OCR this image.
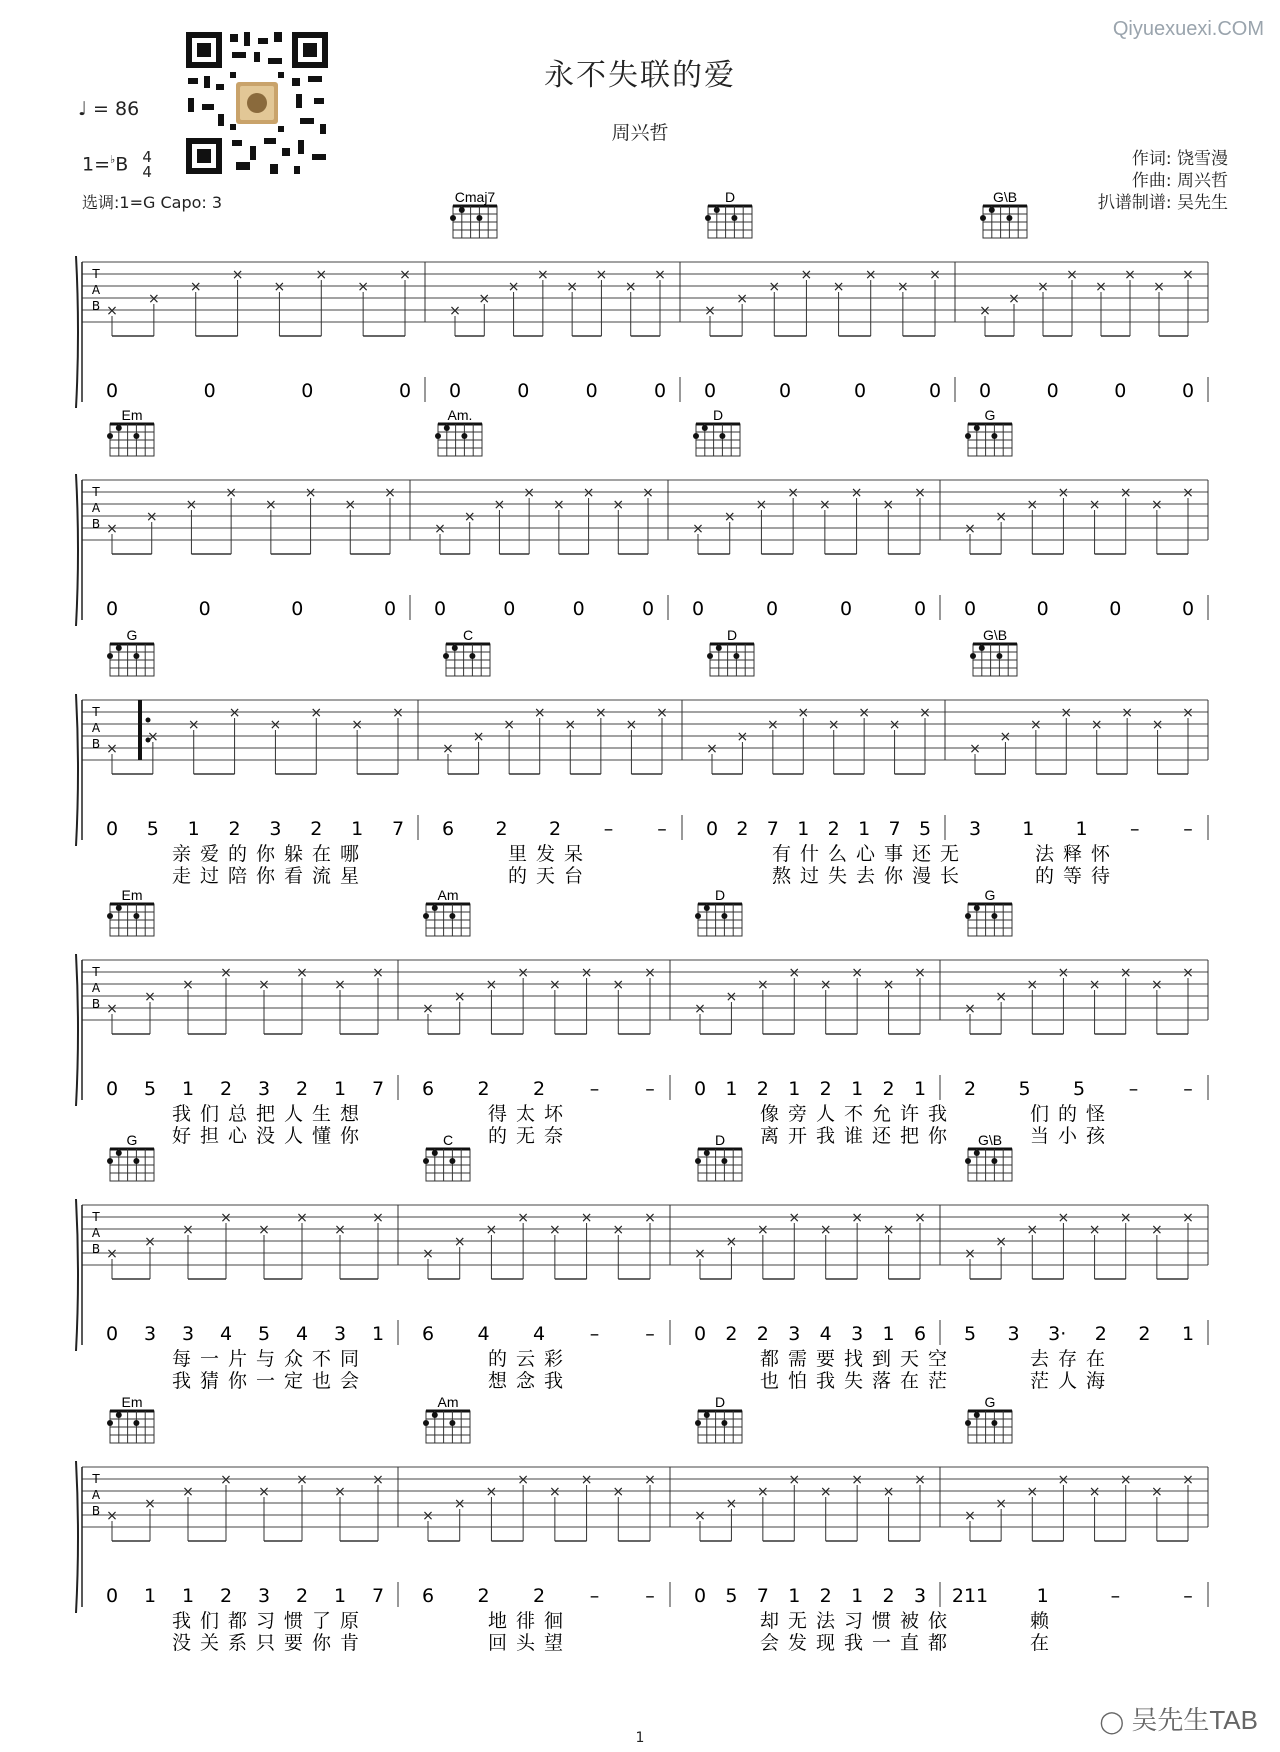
Qiyuexuexi.COM
永不失联的爱
周兴哲
♩ = 86
1=♭B 4
4
选调:1=G Capo: 3
作词: 饶雪漫
作曲: 周兴哲
扒谱制谱: 吴先生
T
A
B ×
×
×
×
×
×
×
×
0	0	0	0
Cmaj7
×
×
×
×
×
×
×
×
0	0	0	0
D
×
×
×
×
×
×
×
×
0	0	0	0
G\B
×
×
×
×
×
×
×
×
0	0	0	0
T
A
B
Em
×
×
×
×
×
×
×
×
0	0	0	0
Am.
×
×
×
×
×
×
×
×
0	0	0	0
D
×
×
×
×
×
×
×
×
0	0	0	0
G
×
×
×
×
×
×
×
×
0	0	0	0
T
A
B
G
×
×
×
×
×
×
×
×
0 5 1 2 3 2 1 7
C
×
×
×
×
×
×
×
×
6 2 2 – –
D
×
×
×
×
×
×
×
×
0 2 7 1 2 1 7 5
G\B
×
×
×
×
×
×
×
×
3 1 1 – –
亲爱的你躲在哪	里发呆	有什么心事还无	法释怀
走过陪你看流星	的天台	熬过失去你漫长	的等待
T
A
B
Em
×
×
×
×
×
×
×
×
0 5 1 2 3 2 1 7
Am
×
×
×
×
×
×
×
×
6 2 2 – –
D
×
×
×
×
×
×
×
×
0 1 2 1 2 1 2 1
G
×
×
×
×
×
×
×
×
2 5 5 – –
我们总把人生想	得太坏	像旁人不允许我	们的怪
好担心没人懂你	的无奈	离开我谁还把你	当小孩
T
A
B
G
×
×
×
×
×
×
×
×
0 3 3 4 5 4 3 1
C
×
×
×
×
×
×
×
×
6 4 4 – –
D
×
×
×
×
×
×
×
×
0 2 2 3 4 3 1 6
G\B
×
×
×
×
×
×
×
×
5 3 3· 2 2 1
每一片与众不同	的云彩	都需要找到天空	去存在
我猜你一定也会	想念我	也怕我失落在茫	茫人海
T
A
B
Em
×
×
×
×
×
×
×
×
0 1 1 2 3 2 1 7
Am
×
×
×
×
×
×
×
×
6 2 2 – –
D
×
×
×
×
×
×
×
×
0 5 7 1 2 1 2 3
G
×
×
×
×
×
×
×
×
211	1	–	–
我们都习惯了原	地徘徊	却无法习惯被依	赖
没关系只要你肯	回头望	会发现我一直都	在
◯ 吴先生TAB
1
